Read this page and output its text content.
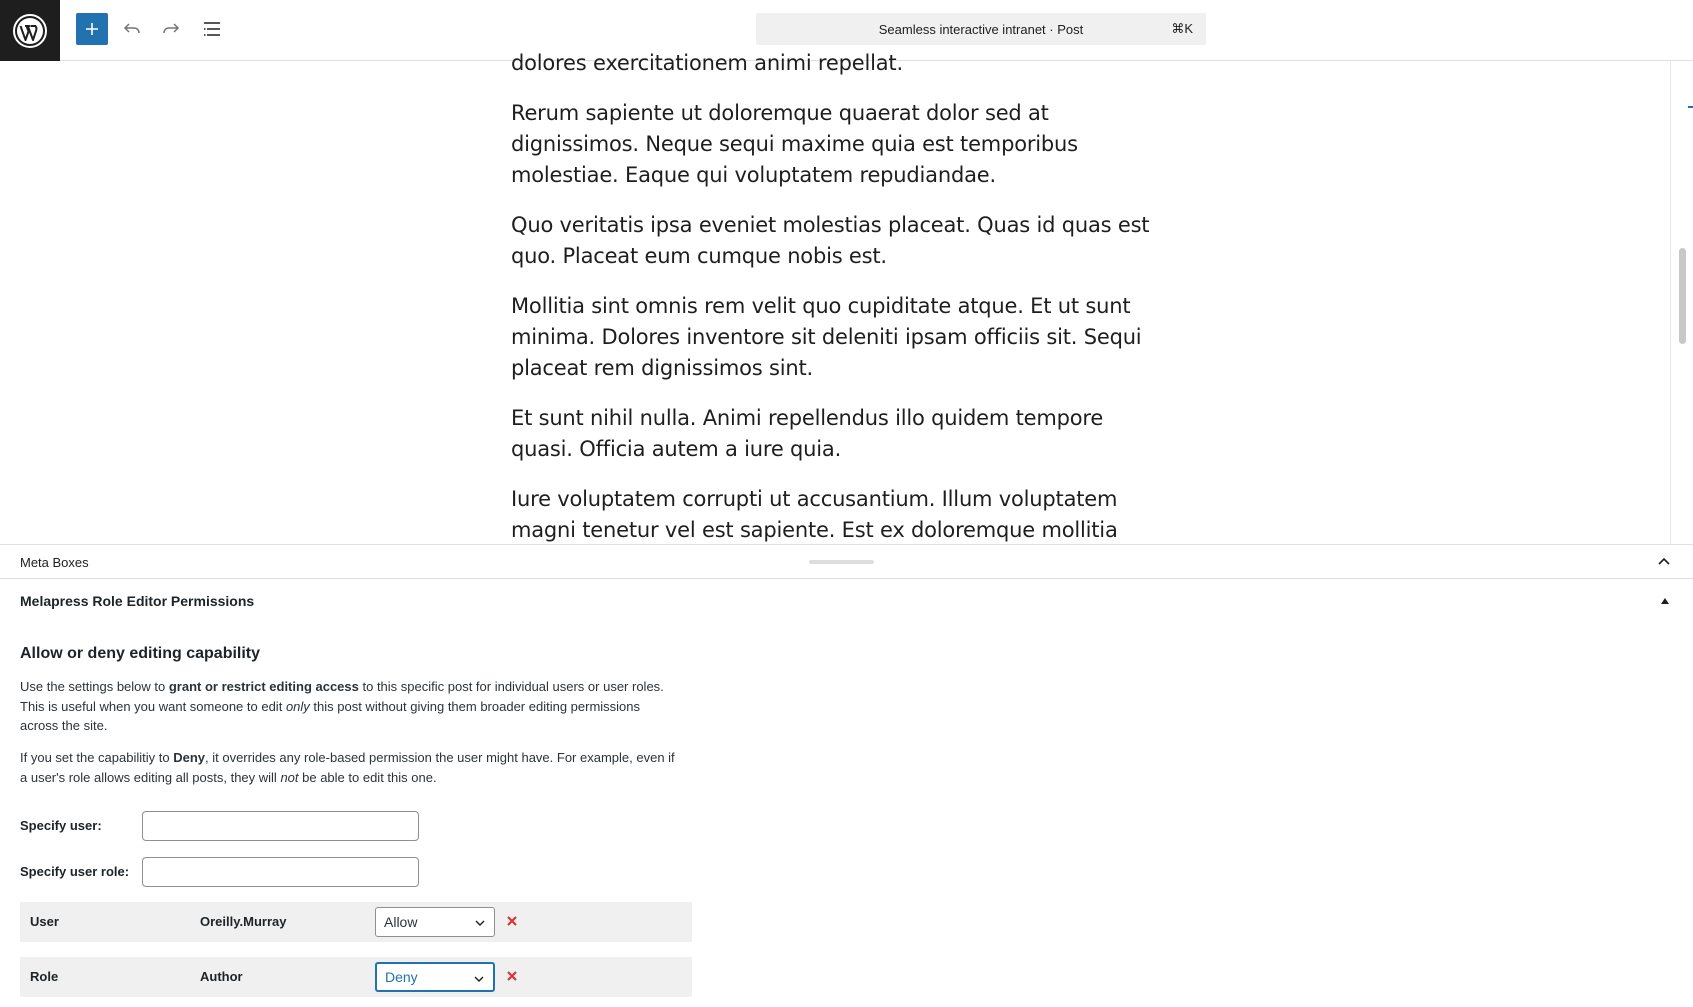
Seamless interactive intranet · Post	⌘K

dolores exercitationem animi repellat.

Rerum sapiente ut doloremque quaerat dolor sed at dignissimos. Neque sequi maxime quia est temporibus molestiae. Eaque qui voluptatem repudiandae.

Quo veritatis ipsa eveniet molestias placeat. Quas id quas est quo. Placeat eum cumque nobis est.

Mollitia sint omnis rem velit quo cupiditate atque. Et ut sunt minima. Dolores inventore sit deleniti ipsam officiis sit. Sequi placeat rem dignissimos sint.

Et sunt nihil nulla. Animi repellendus illo quidem tempore quasi. Officia autem a iure quia.

Iure voluptatem corrupti ut accusantium. Illum voluptatem magni tenetur vel est sapiente. Est ex doloremque mollitia

Meta Boxes
Melapress Role Editor Permissions
Allow or deny editing capability
Use the settings below to grant or restrict editing access to this specific post for individual users or user roles. This is useful when you want someone to edit only this post without giving them broader editing permissions across the site.
If you set the capabilitiy to Deny, it overrides any role-based permission the user might have. For example, even if a user's role allows editing all posts, they will not be able to edit this one.
Specify user:
Specify user role:
User	Oreilly.Murray	Allow
Role	Author	Deny
